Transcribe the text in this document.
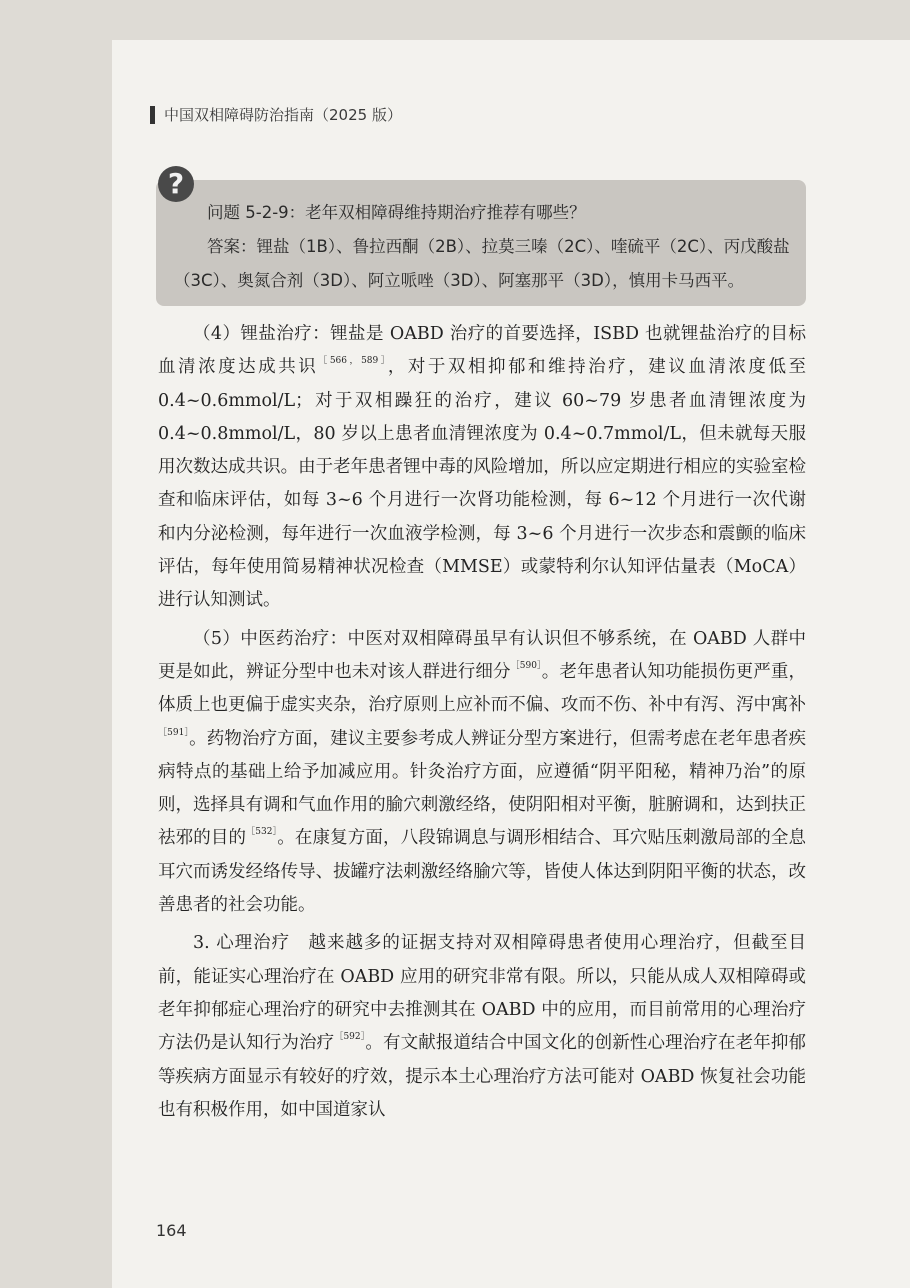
中国双相障碍防治指南（2025 版）
?

问题 5-2-9：老年双相障碍维持期治疗推荐有哪些？

答案：锂盐（1B）、鲁拉西酮（2B）、拉莫三嗪（2C）、喹硫平（2C）、丙戊酸盐（3C）、奥氮合剂（3D）、阿立哌唑（3D）、阿塞那平（3D），慎用卡马西平。

（4）锂盐治疗：锂盐是 OABD 治疗的首要选择，ISBD 也就锂盐治疗的目标血清浓度达成共识$^{[566,589]}$，对于双相抑郁和维持治疗，建议血清浓度低至 0.4~0.6mmol/L；对于双相躁狂的治疗，建议 60~79 岁患者血清锂浓度为 0.4~0.8mmol/L，80 岁以上患者血清锂浓度为 0.4~0.7mmol/L，但未就每天服用次数达成共识。由于老年患者锂中毒的风险增加，所以应定期进行相应的实验室检查和临床评估，如每 3~6 个月进行一次肾功能检测，每 6~12 个月进行一次代谢和内分泌检测，每年进行一次血液学检测，每 3~6 个月进行一次步态和震颤的临床评估，每年使用简易精神状况检查（MMSE）或蒙特利尔认知评估量表（MoCA）进行认知测试。

（5）中医药治疗：中医对双相障碍虽早有认识但不够系统，在 OABD 人群中更是如此，辨证分型中也未对该人群进行细分$^{[590]}$。老年患者认知功能损伤更严重，体质上也更偏于虚实夹杂，治疗原则上应补而不偏、攻而不伤、补中有泻、泻中寓补$^{[591]}$。药物治疗方面，建议主要参考成人辨证分型方案进行，但需考虑在老年患者疾病特点的基础上给予加减应用。针灸治疗方面，应遵循“阴平阳秘，精神乃治”的原则，选择具有调和气血作用的腧穴刺激经络，使阴阳相对平衡，脏腑调和，达到扶正祛邪的目的$^{[532]}$。在康复方面，八段锦调息与调形相结合、耳穴贴压刺激局部的全息耳穴而诱发经络传导、拔罐疗法刺激经络腧穴等，皆使人体达到阴阳平衡的状态，改善患者的社会功能。

3. 心理治疗　越来越多的证据支持对双相障碍患者使用心理治疗，但截至目前，能证实心理治疗在 OABD 应用的研究非常有限。所以，只能从成人双相障碍或老年抑郁症心理治疗的研究中去推测其在 OABD 中的应用，而目前常用的心理治疗方法仍是认知行为治疗$^{[592]}$。有文献报道结合中国文化的创新性心理治疗在老年抑郁等疾病方面显示有较好的疗效，提示本土心理治疗方法可能对 OABD 恢复社会功能也有积极作用，如中国道家认

164
